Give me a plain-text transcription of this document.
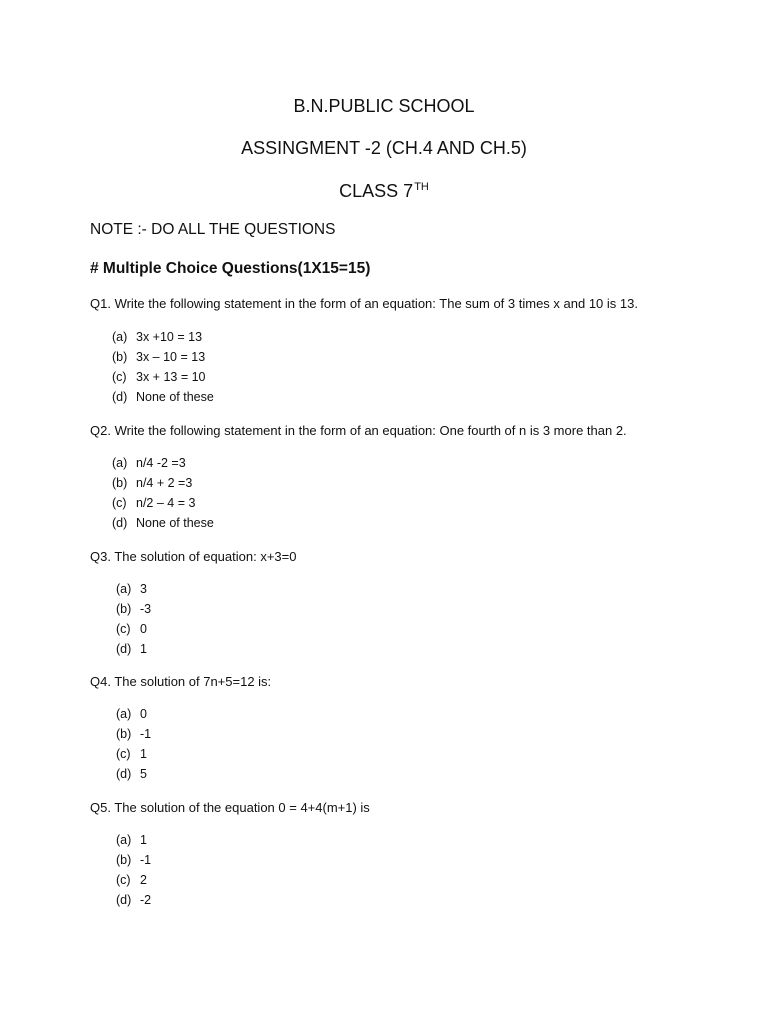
B.N.PUBLIC SCHOOL
ASSINGMENT -2 (CH.4 AND CH.5)
CLASS 7TH
NOTE :- DO ALL THE QUESTIONS
# Multiple Choice Questions(1X15=15)
Q1. Write the following statement in the form of an equation: The sum of 3 times x and 10 is 13.
(a) 3x +10 = 13
(b) 3x – 10 = 13
(c) 3x + 13 = 10
(d) None of these
Q2. Write the following statement in the form of an equation: One fourth of n is 3 more than 2.
(a) n/4 -2 =3
(b) n/4 + 2 =3
(c) n/2 – 4 = 3
(d) None of these
Q3. The solution of equation: x+3=0
(a) 3
(b) -3
(c) 0
(d) 1
Q4. The solution of 7n+5=12 is:
(a) 0
(b) -1
(c) 1
(d) 5
Q5. The solution of the equation 0 = 4+4(m+1) is
(a) 1
(b) -1
(c) 2
(d) -2
